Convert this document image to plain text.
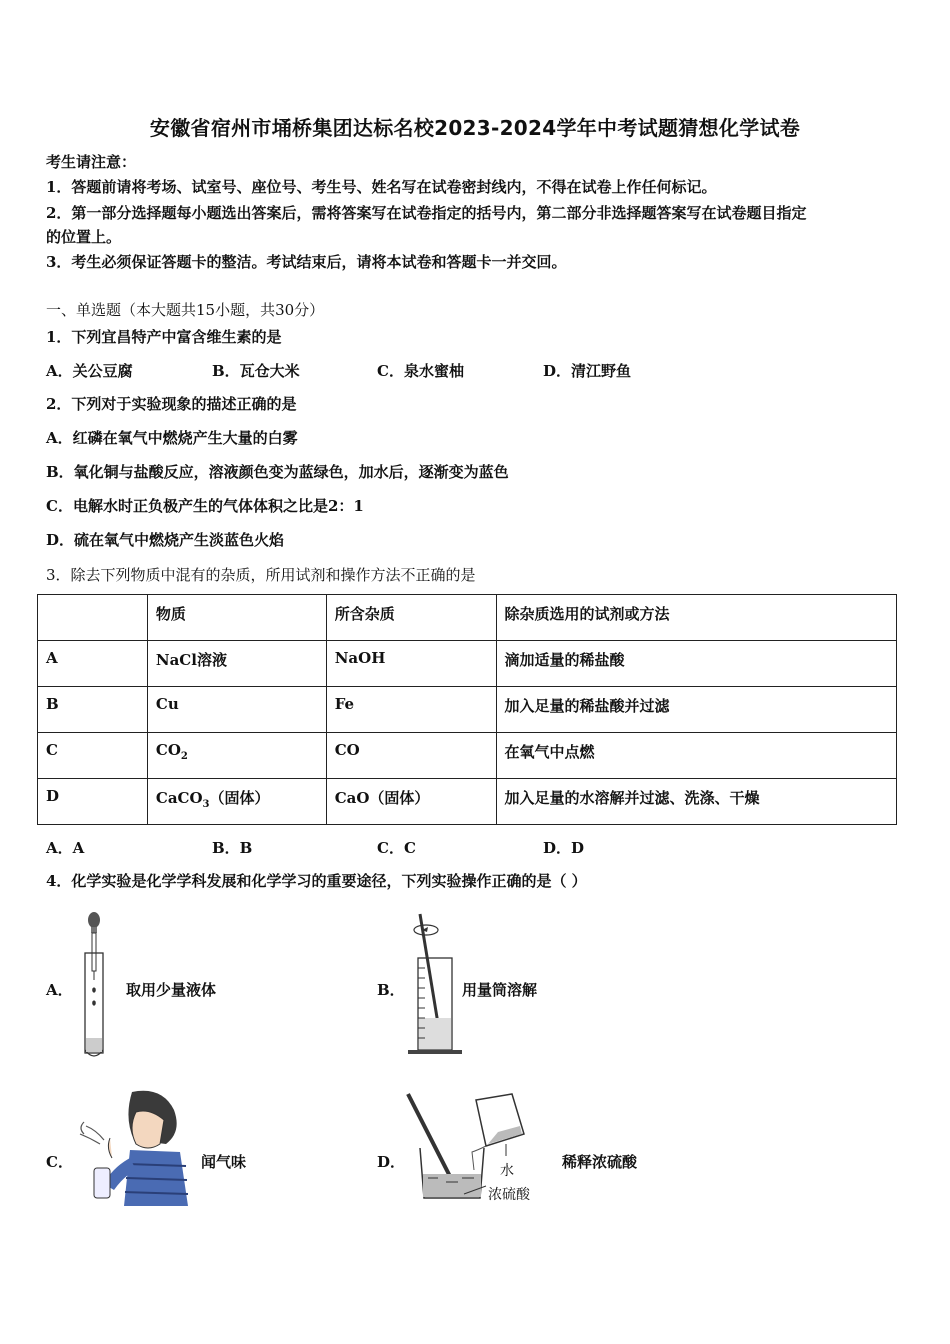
安徽省宿州市埇桥集团达标名校2023-2024学年中考试题猜想化学试卷
考生请注意：
1．答题前请将考场、试室号、座位号、考生号、姓名写在试卷密封线内，不得在试卷上作任何标记。
2．第一部分选择题每小题选出答案后，需将答案写在试卷指定的括号内，第二部分非选择题答案写在试卷题目指定
的位置上。
3．考生必须保证答题卡的整洁。考试结束后，请将本试卷和答题卡一并交回。
一、单选题（本大题共15小题，共30分）
1．下列宜昌特产中富含维生素的是
A．关公豆腐	B．瓦仓大米	C．泉水蜜柚	D．清江野鱼
2．下列对于实验现象的描述正确的是
A．红磷在氧气中燃烧产生大量的白雾
B．氧化铜与盐酸反应，溶液颜色变为蓝绿色，加水后，逐渐变为蓝色
C．电解水时正负极产生的气体体积之比是2：1
D．硫在氧气中燃烧产生淡蓝色火焰
3．除去下列物质中混有的杂质，所用试剂和操作方法不正确的是
	物质	所含杂质	除杂质选用的试剂或方法
A	NaCl溶液	NaOH	滴加适量的稀盐酸
B	Cu	Fe	加入足量的稀盐酸并过滤
C	$CO_2$	CO	在氧气中点燃
D	CaCO$_3$（固体）	CaO（固体）	加入足量的水溶解并过滤、洗涤、干燥
A．A	B．B	C．C	D．D
4．化学实验是化学学科发展和化学学习的重要途径，下列实验操作正确的是（ ）
A．	取用少量液体	B．	用量筒溶解
C．	闻气味	D．	水
浓硫酸
稀释浓硫酸
